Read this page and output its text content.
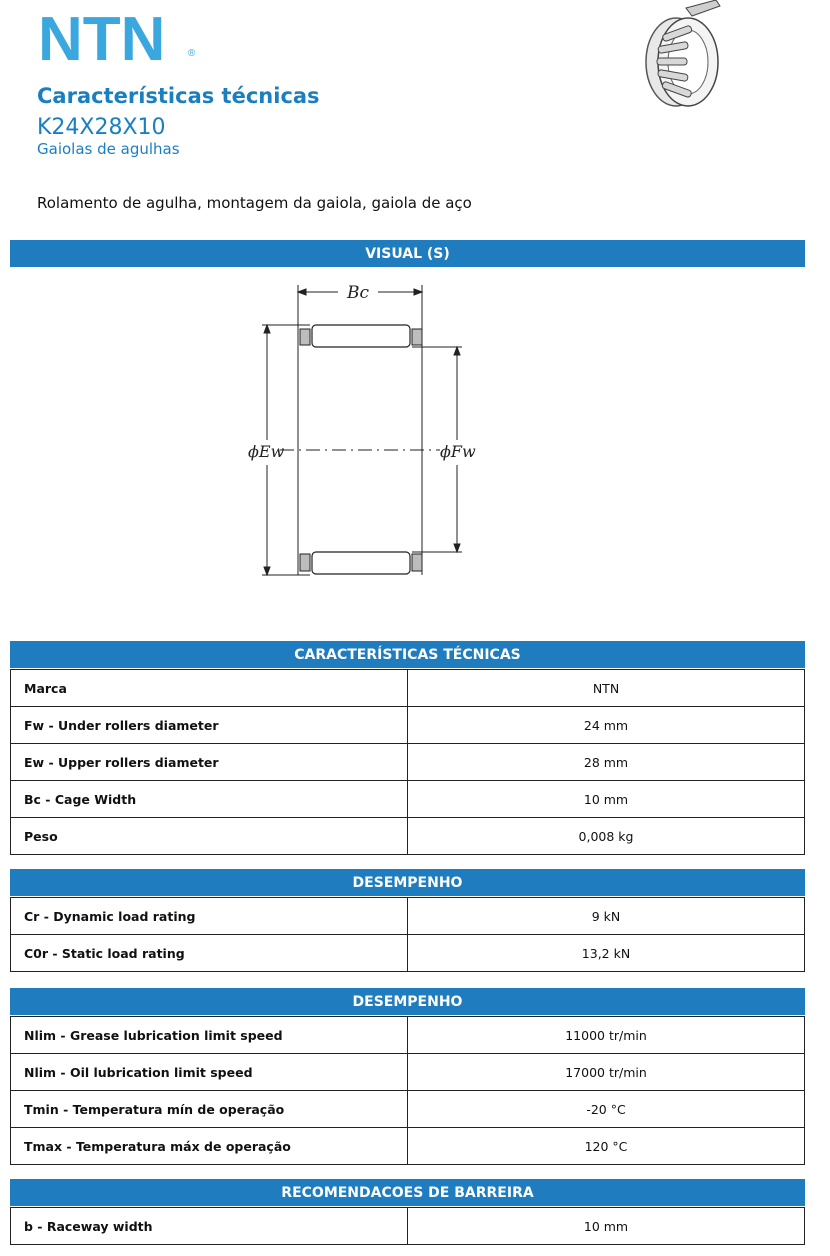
NTN ®
Características técnicas
K24X28X10
Gaiolas de agulhas
Rolamento de agulha, montagem da gaiola, gaiola de aço
VISUAL (S)
Bc
ϕEw	ϕFw
CARACTERÍSTICAS TÉCNICAS
Marca	NTN
Fw - Under rollers diameter	24 mm
Ew - Upper rollers diameter	28 mm
Bc - Cage Width	10 mm
Peso	0,008 kg
DESEMPENHO
Cr - Dynamic load rating	9 kN
C0r - Static load rating	13,2 kN
DESEMPENHO
Nlim - Grease lubrication limit speed	11000 tr/min
Nlim - Oil lubrication limit speed	17000 tr/min
Tmin - Temperatura mín de operação	-20 °C
Tmax - Temperatura máx de operação	120 °C
RECOMENDACOES DE BARREIRA
b - Raceway width	10 mm
